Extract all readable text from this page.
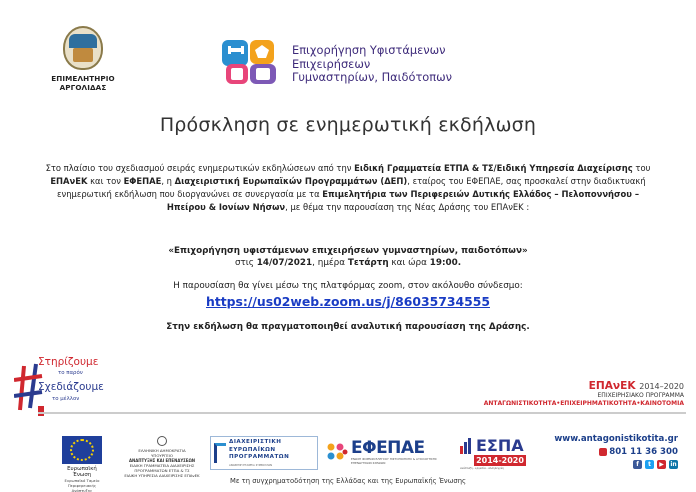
ΕΠΙΜΕΛΗΤΗΡΙΟ
ΑΡΓΟΛΙΔΑΣ
Επιχορήγηση Υφιστάμενων
Επιχειρήσεων
Γυμναστηρίων, Παιδότοπων
Πρόσκληση σε ενημερωτική εκδήλωση
Στο πλαίσιο του σχεδιασμού σειράς ενημερωτικών εκδηλώσεων από την Ειδική Γραμματεία ΕΤΠΑ & ΤΣ/Ειδική Υπηρεσία Διαχείρισης του ΕΠΑνΕΚ και τον ΕΦΕΠΑΕ, η Διαχειριστική Ευρωπαϊκών Προγραμμάτων (ΔΕΠ), εταίρος του ΕΦΕΠΑΕ, σας προσκαλεί στην διαδικτυακή ενημερωτική εκδήλωση που διοργανώνει σε συνεργασία με τα Επιμελητήρια των Περιφερειών Δυτικής Ελλάδος – Πελοποννήσου – Ηπείρου & Ιονίων Νήσων, με θέμα την παρουσίαση της Νέας Δράσης του ΕΠΑνΕΚ :
«Επιχορήγηση υφιστάμενων επιχειρήσεων γυμναστηρίων, παιδοτόπων»
στις 14/07/2021, ημέρα Τετάρτη και ώρα 19:00.
Η παρουσίαση θα γίνει μέσω της πλατφόρμας zoom, στον ακόλουθο σύνδεσμο:
https://us02web.zoom.us/j/86035734555
Στην εκδήλωση θα πραγματοποιηθεί αναλυτική παρουσίαση της Δράσης.
Στηρίζουμε
το παρόν
Σχεδιάζουμε
το μέλλον
ΕΠΑνΕΚ 2014–2020
ΕΠΙΧΕΙΡΗΣΙΑΚΟ ΠΡΟΓΡΑΜΜΑ
ΑΝΤΑΓΩΝΙΣΤΙΚΟΤΗΤΑ•ΕΠΙΧΕΙΡΗΜΑΤΙΚΟΤΗΤΑ•ΚΑΙΝΟΤΟΜΙΑ
Ευρωπαϊκή Ένωση
Ευρωπαϊκό Ταμείο Περιφερειακής Ανάπτυξης
ΕΛΛΗΝΙΚΗ ΔΗΜΟΚΡΑΤΙΑ
ΥΠΟΥΡΓΕΙΟ
ΑΝΑΠΤΥΞΗΣ ΚΑΙ ΕΠΕΝΔΥΣΕΩΝ
ΕΙΔΙΚΗ ΓΡΑΜΜΑΤΕΙΑ ΔΙΑΧΕΙΡΙΣΗΣ
ΠΡΟΓΡΑΜΜΑΤΩΝ ΕΤΠΑ & ΤΣ
ΕΙΔΙΚΗ ΥΠΗΡΕΣΙΑ ΔΙΑΧΕΙΡΙΣΗΣ ΕΠΑνΕΚ
ΔΙΑΧΕΙΡΙΣΤΙΚΗ
ΕΥΡΩΠΑΪΚΩΝ
ΠΡΟΓΡΑΜΜΑΤΩΝ
ΑΝΩΝΥΜΗ ΕΤΑΙΡΕΙΑ ΣΥΜΒΟΥΛΩΝ
ΕΦΕΠΑΕ
ΕΝΩΣΗ ΦΟΡΕΩΝ ΕΛΕΓΧΟΥ ΠΙΣΤΟΠΟΙΗΣΗΣ & ΑΞΙΟΛΟΓΗΣΗΣ ΕΠΕΝΔΥΤΙΚΩΝ ΣΧΕΔΙΩΝ
ΕΣΠΑ
2014-2020
ανάπτυξη - εργασία - αλληλεγγύη
www.antagonistikotita.gr
801 11 36 300
f	t	▶	in
Με τη συγχρηματοδότηση της Ελλάδας και της Ευρωπαϊκής Ένωσης
